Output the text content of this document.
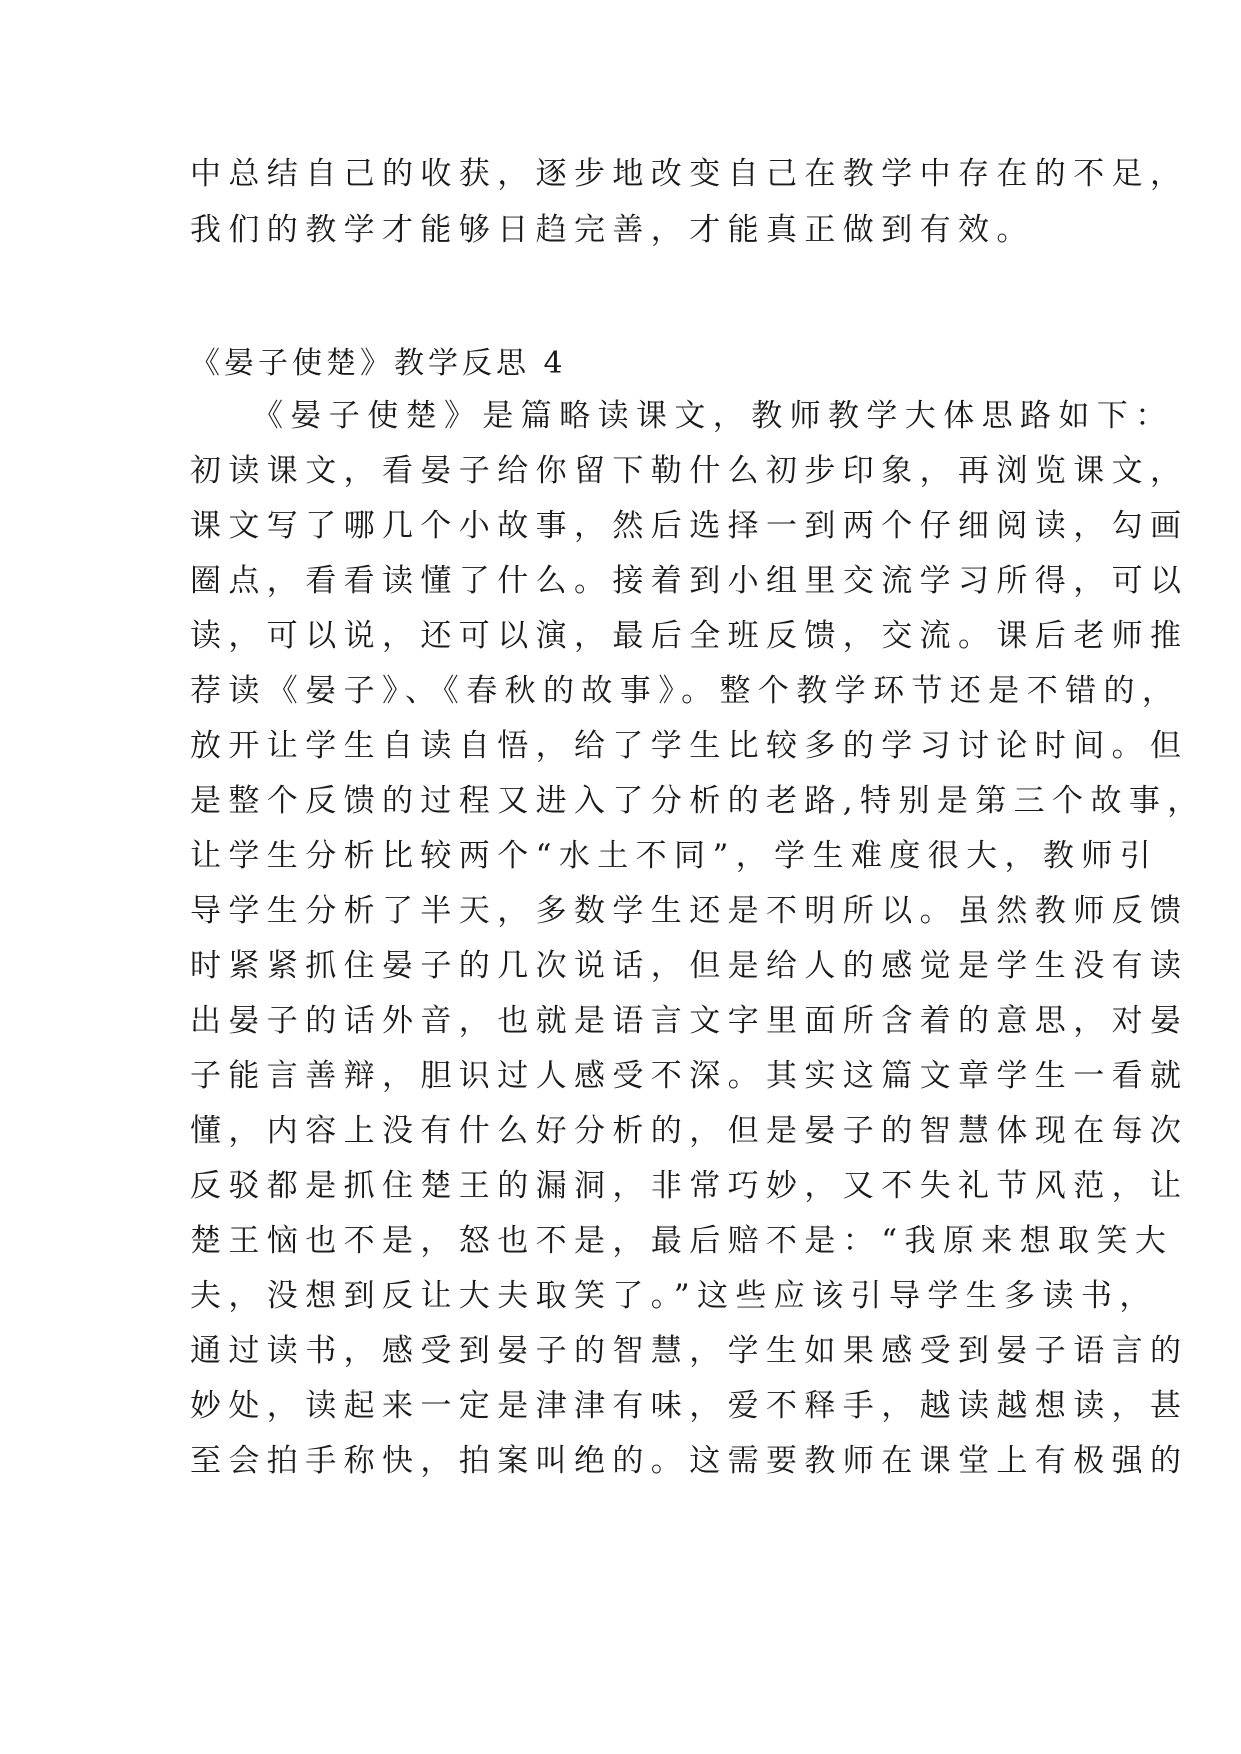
中总结自己的收获，逐步地改变自己在教学中存在的不足，
我们的教学才能够日趋完善，才能真正做到有效。
《晏子使楚》教学反思 4
《晏子使楚》是篇略读课文，教师教学大体思路如下：
初读课文，看晏子给你留下勒什么初步印象，再浏览课文，
课文写了哪几个小故事，然后选择一到两个仔细阅读，勾画
圈点，看看读懂了什么。接着到小组里交流学习所得，可以
读，可以说，还可以演，最后全班反馈，交流。课后老师推
荐读《晏子》、《春秋的故事》。整个教学环节还是不错的，
放开让学生自读自悟，给了学生比较多的学习讨论时间。但
是整个反馈的过程又进入了分析的老路,特别是第三个故事，
让学生分析比较两个“水土不同”，学生难度很大，教师引
导学生分析了半天，多数学生还是不明所以。虽然教师反馈
时紧紧抓住晏子的几次说话，但是给人的感觉是学生没有读
出晏子的话外音，也就是语言文字里面所含着的意思，对晏
子能言善辩，胆识过人感受不深。其实这篇文章学生一看就
懂，内容上没有什么好分析的，但是晏子的智慧体现在每次
反驳都是抓住楚王的漏洞，非常巧妙，又不失礼节风范，让
楚王恼也不是，怒也不是，最后赔不是：“我原来想取笑大
夫，没想到反让大夫取笑了。”这些应该引导学生多读书，
通过读书，感受到晏子的智慧，学生如果感受到晏子语言的
妙处，读起来一定是津津有味，爱不释手，越读越想读，甚
至会拍手称快，拍案叫绝的。这需要教师在课堂上有极强的
